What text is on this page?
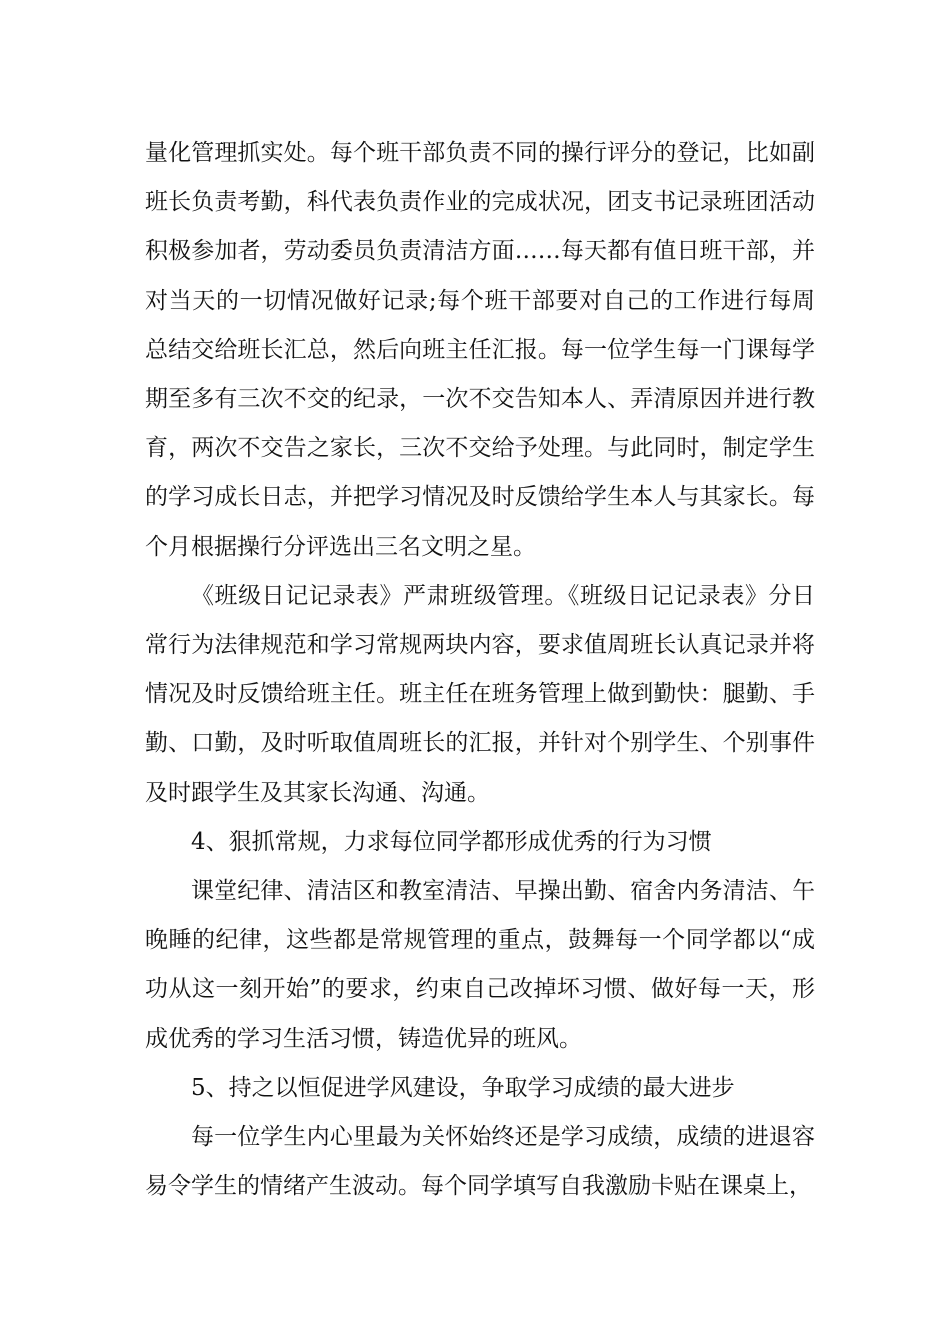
量化管理抓实处。每个班干部负责不同的操行评分的登记，比如副班长负责考勤，科代表负责作业的完成状况，团支书记录班团活动积极参加者，劳动委员负责清洁方面……每天都有值日班干部，并对当天的一切情况做好记录;每个班干部要对自己的工作进行每周总结交给班长汇总，然后向班主任汇报。每一位学生每一门课每学期至多有三次不交的纪录，一次不交告知本人、弄清原因并进行教育，两次不交告之家长，三次不交给予处理。与此同时，制定学生的学习成长日志，并把学习情况及时反馈给学生本人与其家长。每个月根据操行分评选出三名文明之星。

《班级日记记录表》严肃班级管理。《班级日记记录表》分日常行为法律规范和学习常规两块内容，要求值周班长认真记录并将情况及时反馈给班主任。班主任在班务管理上做到勤快：腿勤、手勤、口勤，及时听取值周班长的汇报，并针对个别学生、个别事件及时跟学生及其家长沟通、沟通。

4、狠抓常规，力求每位同学都形成优秀的行为习惯

课堂纪律、清洁区和教室清洁、早操出勤、宿舍内务清洁、午晚睡的纪律，这些都是常规管理的重点，鼓舞每一个同学都以“成功从这一刻开始”的要求，约束自己改掉坏习惯、做好每一天，形成优秀的学习生活习惯，铸造优异的班风。

5、持之以恒促进学风建设，争取学习成绩的最大进步

每一位学生内心里最为关怀始终还是学习成绩，成绩的进退容易令学生的情绪产生波动。每个同学填写自我激励卡贴在课桌上，
